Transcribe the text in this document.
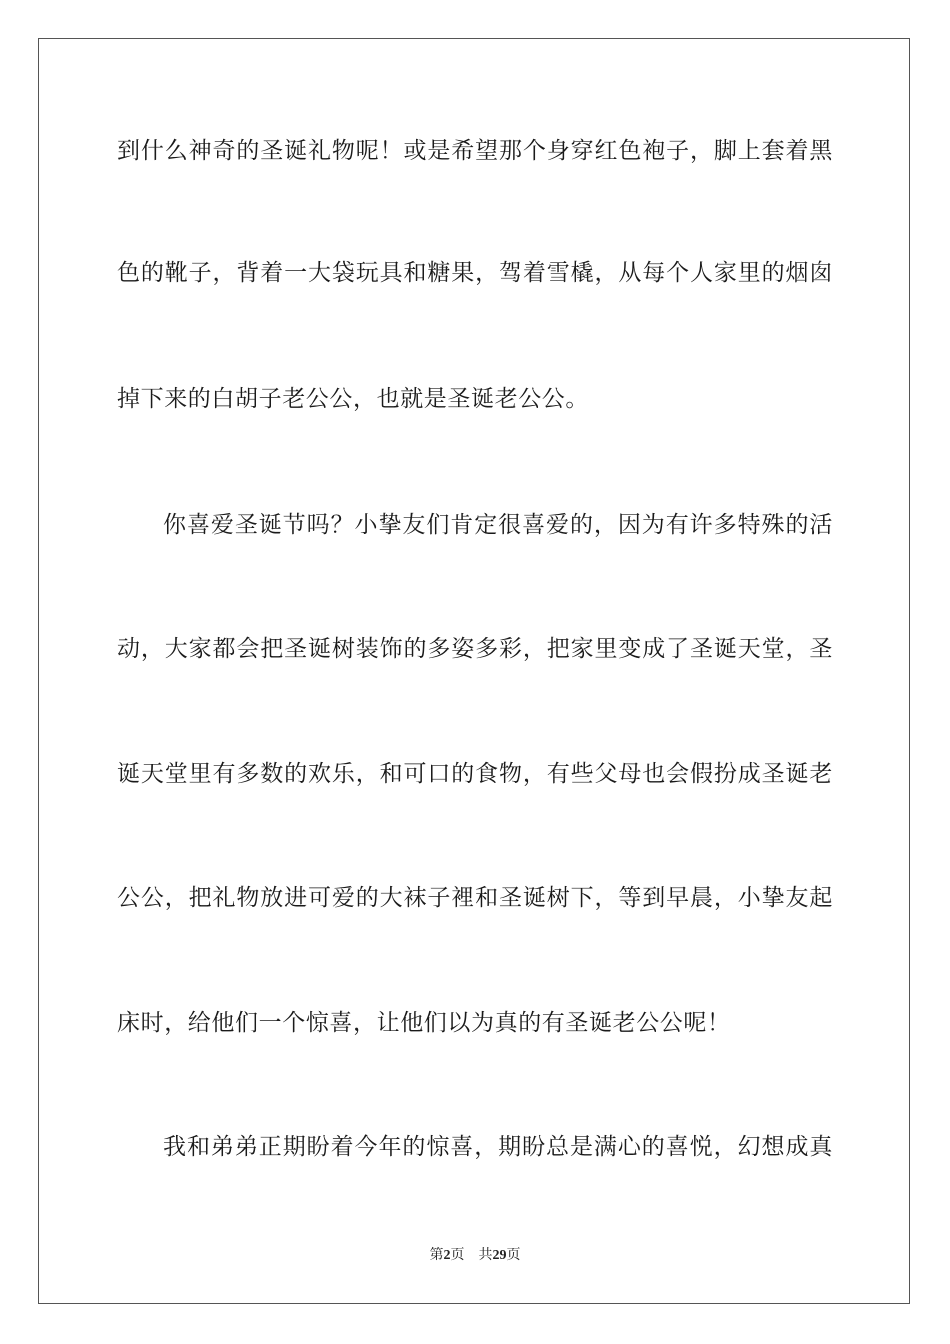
到什么神奇的圣诞礼物呢！或是希望那个身穿红色袍子，脚上套着黑
色的靴子，背着一大袋玩具和糖果，驾着雪橇，从每个人家里的烟囱
掉下来的白胡子老公公，也就是圣诞老公公。
你喜爱圣诞节吗？小挚友们肯定很喜爱的，因为有许多特殊的活
动，大家都会把圣诞树装饰的多姿多彩，把家里变成了圣诞天堂，圣
诞天堂里有多数的欢乐，和可口的食物，有些父母也会假扮成圣诞老
公公，把礼物放进可爱的大袜子裡和圣诞树下，等到早晨，小挚友起
床时，给他们一个惊喜，让他们以为真的有圣诞老公公呢！
我和弟弟正期盼着今年的惊喜，期盼总是满心的喜悦，幻想成真
第2页 共29页
